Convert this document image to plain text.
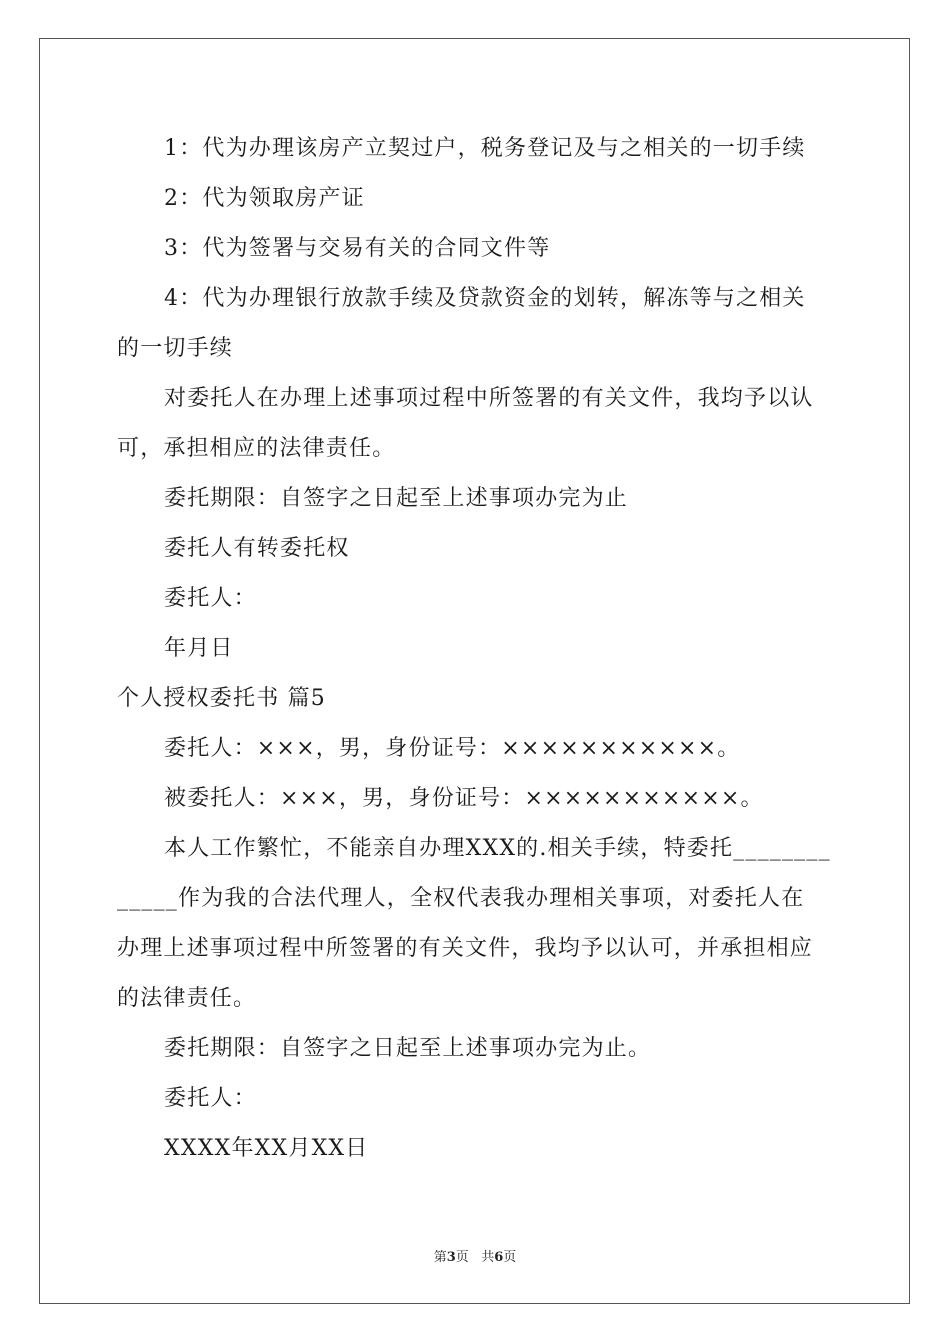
1：代为办理该房产立契过户，税务登记及与之相关的一切手续
2：代为领取房产证
3：代为签署与交易有关的合同文件等
4：代为办理银行放款手续及贷款资金的划转，解冻等与之相关
的一切手续
对委托人在办理上述事项过程中所签署的有关文件，我均予以认
可，承担相应的法律责任。
委托期限：自签字之日起至上述事项办完为止
委托人有转委托权
委托人：
年月日
个人授权委托书 篇5
委托人：×××，男，身份证号：×××××××××××。
被委托人：×××，男，身份证号：×××××××××××。
本人工作繁忙，不能亲自办理XXX的.相关手续，特委托________
_____作为我的合法代理人，全权代表我办理相关事项，对委托人在
办理上述事项过程中所签署的有关文件，我均予以认可，并承担相应
的法律责任。
委托期限：自签字之日起至上述事项办完为止。
委托人：
XXXX年XX月XX日
第3页 共6页
